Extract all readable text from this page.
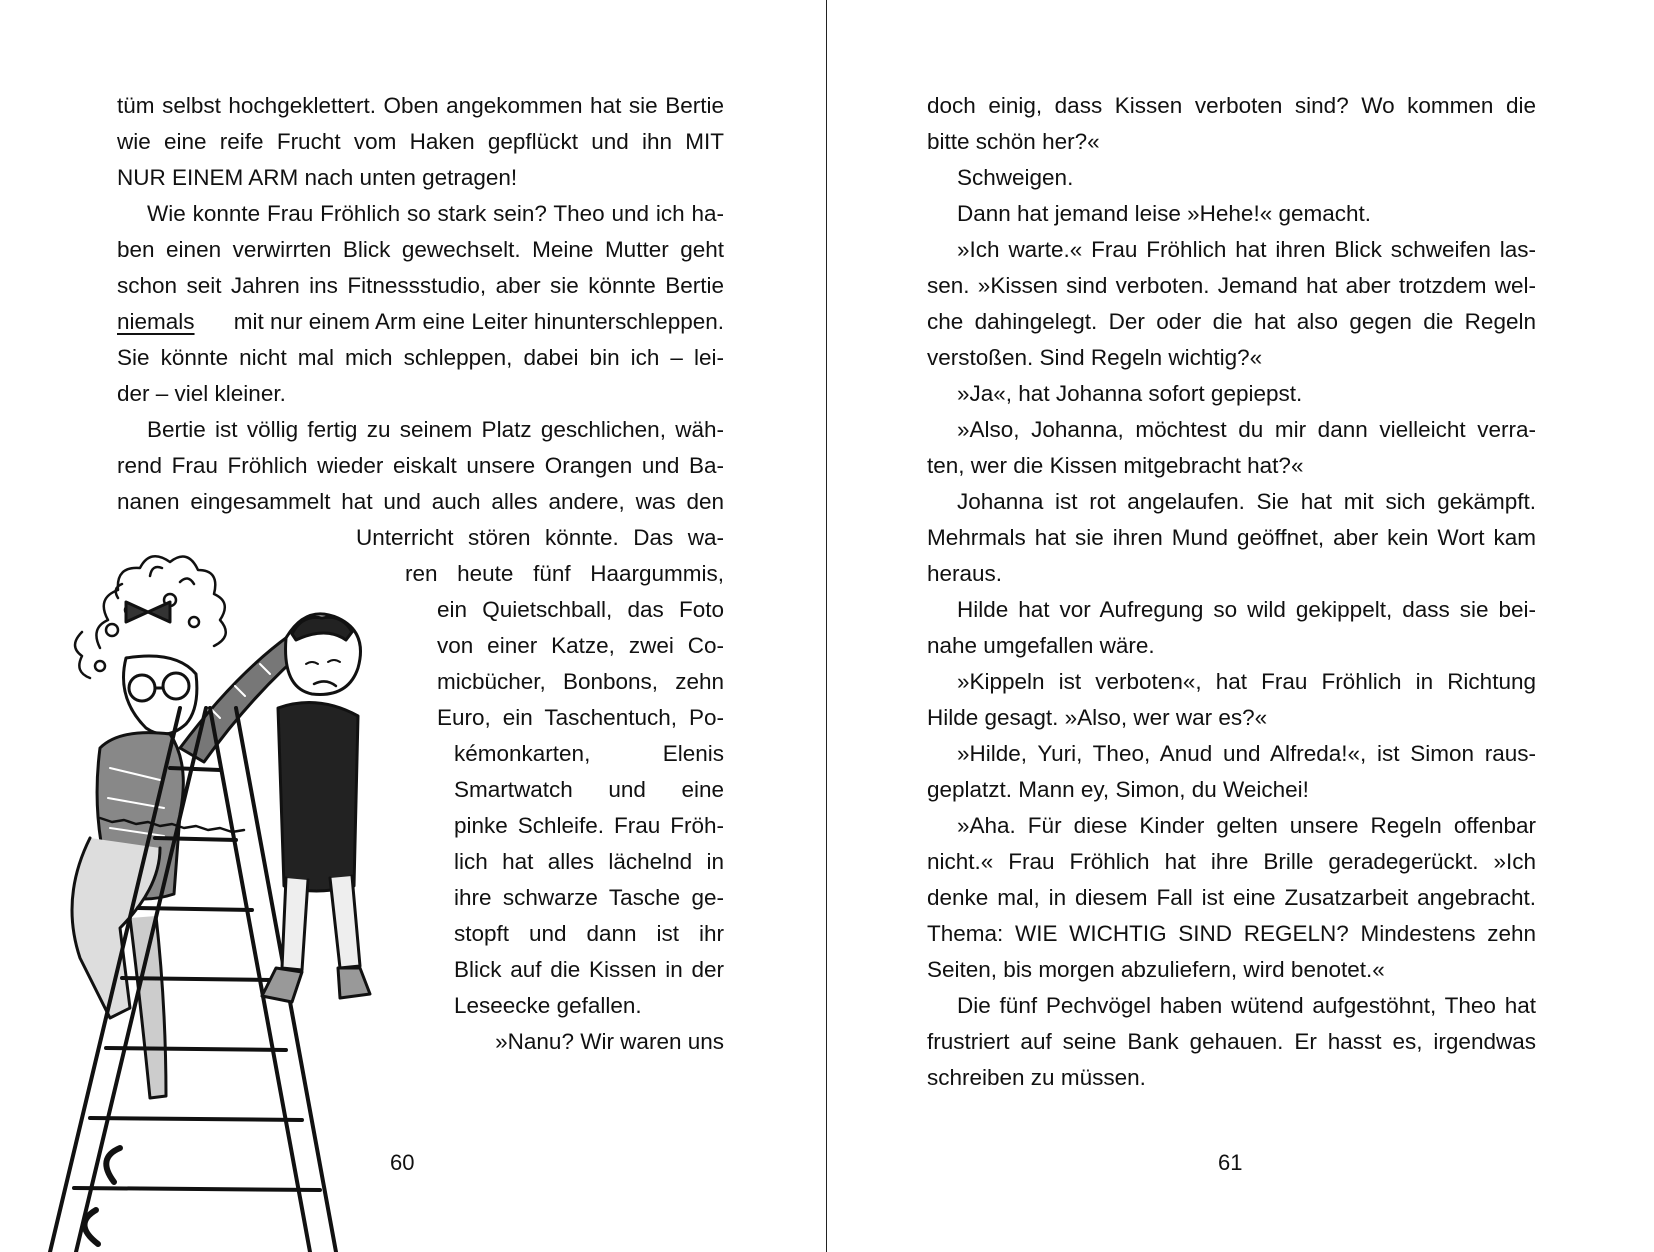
tüm selbst hochgeklettert. Oben angekommen hat sie Bertie
wie eine reife Frucht vom Haken gepflückt und ihn MIT
NUR EINEM ARM nach unten getragen!
Wie konnte Frau Fröhlich so stark sein? Theo und ich ha-
ben einen verwirrten Blick gewechselt. Meine Mutter geht
schon seit Jahren ins Fitnessstudio, aber sie könnte Bertie
niemals mit nur einem Arm eine Leiter hinunterschleppen.
Sie könnte nicht mal mich schleppen, dabei bin ich – lei-
der – viel kleiner.
Bertie ist völlig fertig zu seinem Platz geschlichen, wäh-
rend Frau Fröhlich wieder eiskalt unsere Orangen und Ba-
nanen eingesammelt hat und auch alles andere, was den
Unterricht stören könnte. Das wa-
ren heute fünf Haargummis,
ein Quietschball, das Foto
von einer Katze, zwei Co-
micbücher, Bonbons, zehn
Euro, ein Taschentuch, Po-
kémonkarten, Elenis
Smartwatch und eine
pinke Schleife. Frau Fröh-
lich hat alles lächelnd in
ihre schwarze Tasche ge-
stopft und dann ist ihr
Blick auf die Kissen in der
Leseecke gefallen.
»Nanu? Wir waren uns
60
doch einig, dass Kissen verboten sind? Wo kommen die
bitte schön her?«
Schweigen.
Dann hat jemand leise »Hehe!« gemacht.
»Ich warte.« Frau Fröhlich hat ihren Blick schweifen las-
sen. »Kissen sind verboten. Jemand hat aber trotzdem wel-
che dahingelegt. Der oder die hat also gegen die Regeln
verstoßen. Sind Regeln wichtig?«
»Ja«, hat Johanna sofort gepiepst.
»Also, Johanna, möchtest du mir dann vielleicht verra-
ten, wer die Kissen mitgebracht hat?«
Johanna ist rot angelaufen. Sie hat mit sich gekämpft.
Mehrmals hat sie ihren Mund geöffnet, aber kein Wort kam
heraus.
Hilde hat vor Aufregung so wild gekippelt, dass sie bei-
nahe umgefallen wäre.
»Kippeln ist verboten«, hat Frau Fröhlich in Richtung
Hilde gesagt. »Also, wer war es?«
»Hilde, Yuri, Theo, Anud und Alfreda!«, ist Simon raus-
geplatzt. Mann ey, Simon, du Weichei!
»Aha. Für diese Kinder gelten unsere Regeln offenbar
nicht.« Frau Fröhlich hat ihre Brille geradegerückt. »Ich
denke mal, in diesem Fall ist eine Zusatzarbeit angebracht.
Thema: WIE WICHTIG SIND REGELN? Mindestens zehn
Seiten, bis morgen abzuliefern, wird benotet.«
Die fünf Pechvögel haben wütend aufgestöhnt, Theo hat
frustriert auf seine Bank gehauen. Er hasst es, irgendwas
schreiben zu müssen.
61
